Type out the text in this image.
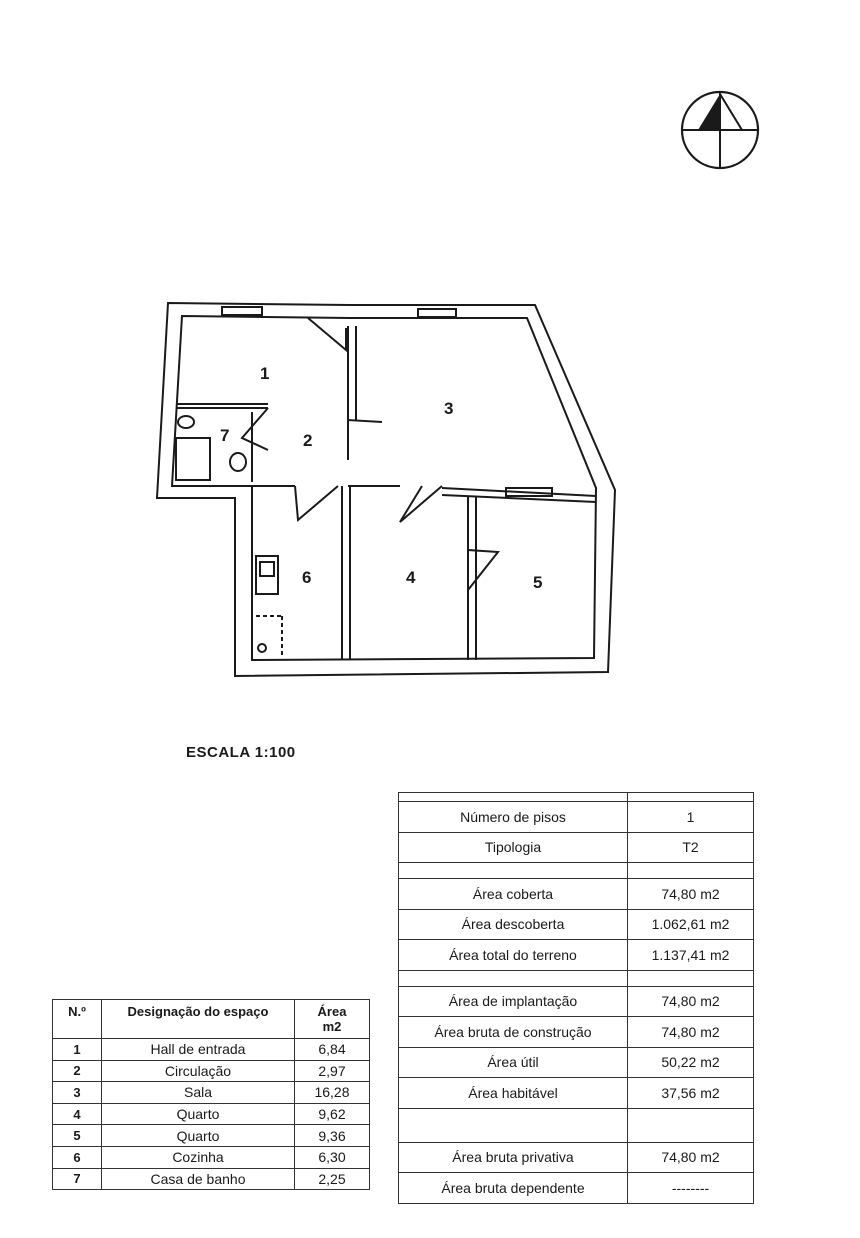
1
2
3
4	5
6
7
ESCALA 1:100

Número de pisos	1
Tipologia	T2

Área coberta	74,80 m2
Área descoberta	1.062,61 m2
Área total do terreno	1.137,41 m2

Área de implantação	74,80 m2
Área bruta de construção	74,80 m2
Área útil	50,22 m2
Área habitável	37,56 m2

Área bruta privativa	74,80 m2
Área bruta dependente	--------
N.º	Designação do espaço	Área
m2
1	Hall de entrada	6,84
2	Circulação	2,97
3	Sala	16,28
4	Quarto	9,62
5	Quarto	9,36
6	Cozinha	6,30
7	Casa de banho	2,25
